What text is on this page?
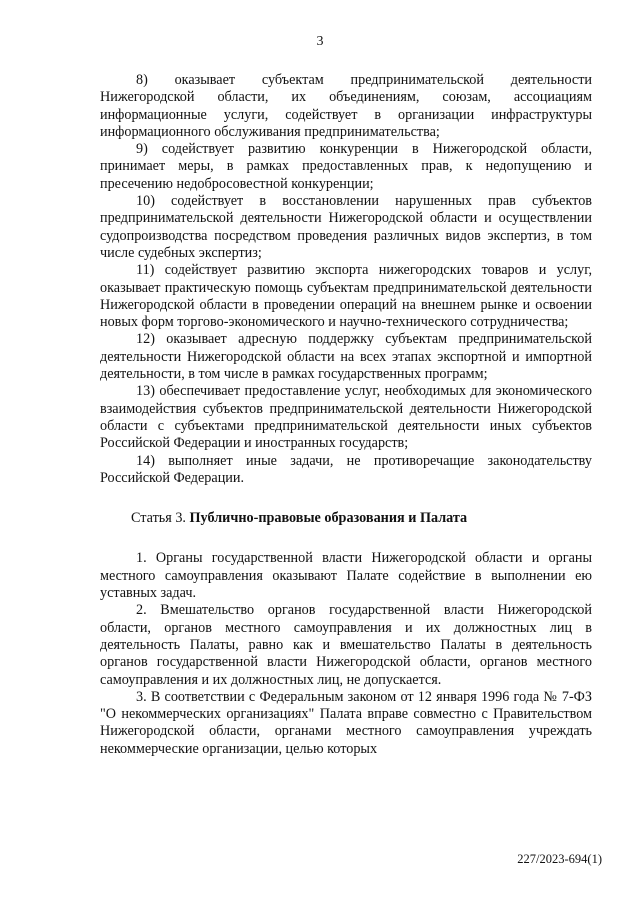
3

8) оказывает субъектам предпринимательской деятельности Нижегородской области, их объединениям, союзам, ассоциациям информационные услуги, содействует в организации инфраструктуры информационного обслуживания предпринимательства;

9) содействует развитию конкуренции в Нижегородской области, принимает меры, в рамках предоставленных прав, к недопущению и пресечению недобросовестной конкуренции;

10) содействует в восстановлении нарушенных прав субъектов предпринимательской деятельности Нижегородской области и осуществлении судопроизводства посредством проведения различных видов экспертиз, в том числе судебных экспертиз;

11) содействует развитию экспорта нижегородских товаров и услуг, оказывает практическую помощь субъектам предпринимательской деятельности Нижегородской области в проведении операций на внешнем рынке и освоении новых форм торгово-экономического и научно-технического сотрудничества;

12) оказывает адресную поддержку субъектам предпринимательской деятельности Нижегородской области на всех этапах экспортной и импортной деятельности, в том числе в рамках государственных программ;

13) обеспечивает предоставление услуг, необходимых для экономического взаимодействия субъектов предпринимательской деятельности Нижегородской области с субъектами предпринимательской деятельности иных субъектов Российской Федерации и иностранных государств;

14) выполняет иные задачи, не противоречащие законодательству Российской Федерации.

Статья 3. Публично-правовые образования и Палата

1. Органы государственной власти Нижегородской области и органы местного самоуправления оказывают Палате содействие в выполнении ею уставных задач.

2. Вмешательство органов государственной власти Нижегородской области, органов местного самоуправления и их должностных лиц в деятельность Палаты, равно как и вмешательство Палаты в деятельность органов государственной власти Нижегородской области, органов местного самоуправления и их должностных лиц, не допускается.

3. В соответствии с Федеральным законом от 12 января 1996 года № 7-ФЗ "О некоммерческих организациях" Палата вправе совместно с Правительством Нижегородской области, органами местного самоуправления учреждать некоммерческие организации, целью которых

227/2023-694(1)
